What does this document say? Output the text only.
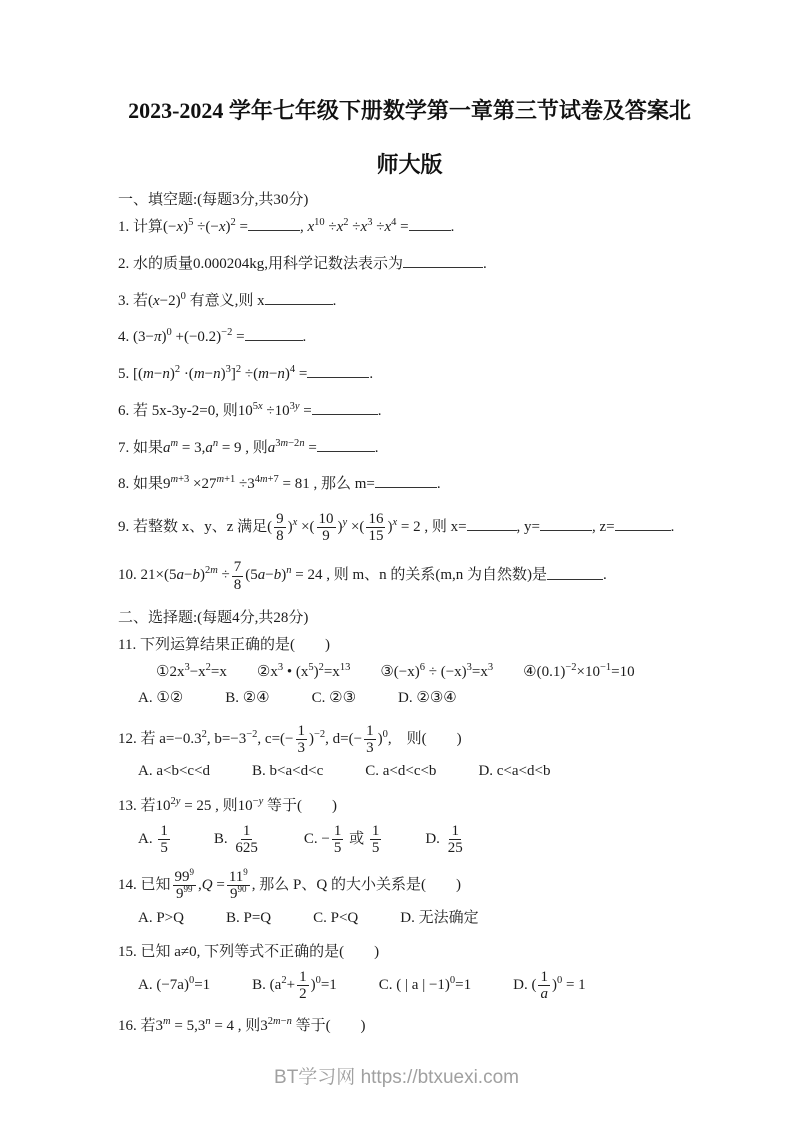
2023-2024 学年七年级下册数学第一章第三节试卷及答案北
师大版
一、填空题:(每题3分,共30分)
1. 计算$(-x)^5 \div(-x)^2$ =	, $x^{10} \div x^2 \div x^3 \div x^4$ =	.
2. 水的质量0.000204kg,用科学记数法表示为	.
3. 若$(x-2)^0$ 有意义,则 x	.
4. $(3-\pi)^0 +(-0.2)^{-2}$ =	.
5. $[(m-n)^2 \cdot(m-n)^3]^2 \div(m-n)^4$ =	.
6. 若 5x-3y-2=0, 则$10^{5x} \div 10^{3y}$ =	.
7. 如果$a^m = 3,a^n = 9$ , 则$a^{3m-2n}$ =	.
8. 如果$9^{m+3} \times 27^{m+1} \div 3^{4m+7} = 81$ , 那么 m=	.
9. 若整数 x、y、z 满足( $\frac{9}{8} )^x$ ×( $\frac{10}{9} )^y$ ×( $\frac{16}{15} )^x = 2$ , 则 x=	, y=	, z=	.
10. $21\times(5a-b)^{2m} \div \frac{7}{8} (5a-b)^n = 24$ , 则 m、n 的关系(m,n 为自然数)是	.
二、选择题:(每题4分,共28分)
11. 下列运算结果正确的是(　　)
$①2x^3-x^2=x$ $②x^3$ • $(x^5)^2=x^{13}$ $③(-x)^6 \div (-x)^3=x^3$ $④(0.1)^{-2}\times 10^{-1}=10$
A. ①②	B. ②④	C. ②③	D. ②③④
12. 若 $a=-0.3^2$, $b=-3^{-2}$, $c=(- \frac{1}{3} )^{-2}$, $d=(- \frac{1}{3} )^0$,　则(　　)
A. a<b<c<d	B. b<a<d<c	C. a<d<c<b	D. c<a<d<b
13. 若$10^{2y} = 25$ , 则$10^{-y}$ 等于(　　)
A. $\frac{1}{5}$	B. $\frac{1}{625}$	C. − $\frac{1}{5}$ 或 $\frac{1}{5}$	D. $\frac{1}{25}$
14. 已知 $\frac{99^9}{9^{99}} ,Q = \frac{11^9}{9^{90}}$ , 那么 P、Q 的大小关系是(　　)
A. P>Q	B. P=Q	C. P<Q	D. 无法确定
15. 已知 a≠0, 下列等式不正确的是(　　)
A. $(-7a)^0=1$	B. $(a^2+ \frac{1}{2} )^0=1$	C. ( | a | −1)$^0$=1	D. ( $\frac{1}{a} )^0 = 1$
16. 若$3^m = 5,3^n = 4$ , 则$3^{2m-n}$ 等于(　　)
BT学习网 https://btxuexi.com
